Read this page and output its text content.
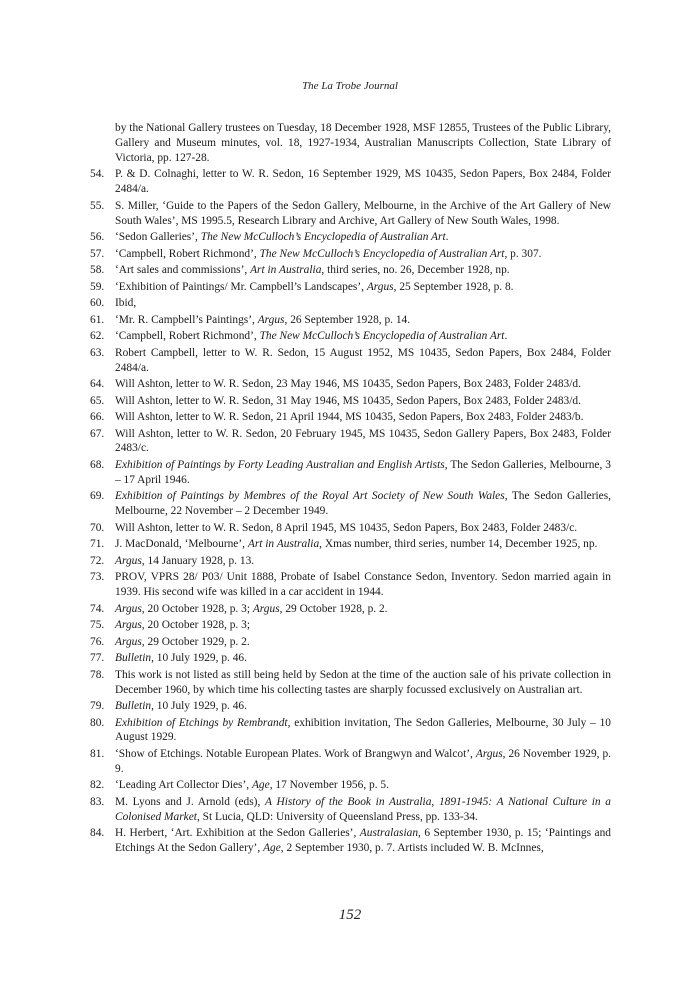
The La Trobe Journal
by the National Gallery trustees on Tuesday, 18 December 1928, MSF 12855, Trustees of the Public Library, Gallery and Museum minutes, vol. 18, 1927-1934, Australian Manuscripts Collection, State Library of Victoria, pp. 127-28.
54. P. & D. Colnaghi, letter to W. R. Sedon, 16 September 1929, MS 10435, Sedon Papers, Box 2484, Folder 2484/a.
55. S. Miller, ‘Guide to the Papers of the Sedon Gallery, Melbourne, in the Archive of the Art Gallery of New South Wales’, MS 1995.5, Research Library and Archive, Art Gallery of New South Wales, 1998.
56. ‘Sedon Galleries’, The New McCulloch’s Encyclopedia of Australian Art.
57. ‘Campbell, Robert Richmond’, The New McCulloch’s Encyclopedia of Australian Art, p. 307.
58. ‘Art sales and commissions’, Art in Australia, third series, no. 26, December 1928, np.
59. ‘Exhibition of Paintings/ Mr. Campbell’s Landscapes’, Argus, 25 September 1928, p. 8.
60. Ibid,
61. ‘Mr. R. Campbell’s Paintings’, Argus, 26 September 1928, p. 14.
62. ‘Campbell, Robert Richmond’, The New McCulloch’s Encyclopedia of Australian Art.
63. Robert Campbell, letter to W. R. Sedon, 15 August 1952, MS 10435, Sedon Papers, Box 2484, Folder 2484/a.
64. Will Ashton, letter to W. R. Sedon, 23 May 1946, MS 10435, Sedon Papers, Box 2483, Folder 2483/d.
65. Will Ashton, letter to W. R. Sedon, 31 May 1946, MS 10435, Sedon Papers, Box 2483, Folder 2483/d.
66. Will Ashton, letter to W. R. Sedon, 21 April 1944, MS 10435, Sedon Papers, Box 2483, Folder 2483/b.
67. Will Ashton, letter to W. R. Sedon, 20 February 1945, MS 10435, Sedon Gallery Papers, Box 2483, Folder 2483/c.
68. Exhibition of Paintings by Forty Leading Australian and English Artists, The Sedon Galleries, Melbourne, 3 – 17 April 1946.
69. Exhibition of Paintings by Membres of the Royal Art Society of New South Wales, The Sedon Galleries, Melbourne, 22 November – 2 December 1949.
70. Will Ashton, letter to W. R. Sedon, 8 April 1945, MS 10435, Sedon Papers, Box 2483, Folder 2483/c.
71. J. MacDonald, ‘Melbourne’, Art in Australia, Xmas number, third series, number 14, December 1925, np.
72. Argus, 14 January 1928, p. 13.
73. PROV, VPRS 28/ P03/ Unit 1888, Probate of Isabel Constance Sedon, Inventory. Sedon married again in 1939. His second wife was killed in a car accident in 1944.
74. Argus, 20 October 1928, p. 3; Argus, 29 October 1928, p. 2.
75. Argus, 20 October 1928, p. 3;
76. Argus, 29 October 1929, p. 2.
77. Bulletin, 10 July 1929, p. 46.
78. This work is not listed as still being held by Sedon at the time of the auction sale of his private collection in December 1960, by which time his collecting tastes are sharply focussed exclusively on Australian art.
79. Bulletin, 10 July 1929, p. 46.
80. Exhibition of Etchings by Rembrandt, exhibition invitation, The Sedon Galleries, Melbourne, 30 July – 10 August 1929.
81. ‘Show of Etchings. Notable European Plates. Work of Brangwyn and Walcot’, Argus, 26 November 1929, p. 9.
82. ‘Leading Art Collector Dies’, Age, 17 November 1956, p. 5.
83. M. Lyons and J. Arnold (eds), A History of the Book in Australia, 1891-1945: A National Culture in a Colonised Market, St Lucia, QLD: University of Queensland Press, pp. 133-34.
84. H. Herbert, ‘Art. Exhibition at the Sedon Galleries’, Australasian, 6 September 1930, p. 15; ‘Paintings and Etchings At the Sedon Gallery’, Age, 2 September 1930, p. 7. Artists included W. B. McInnes,
152
